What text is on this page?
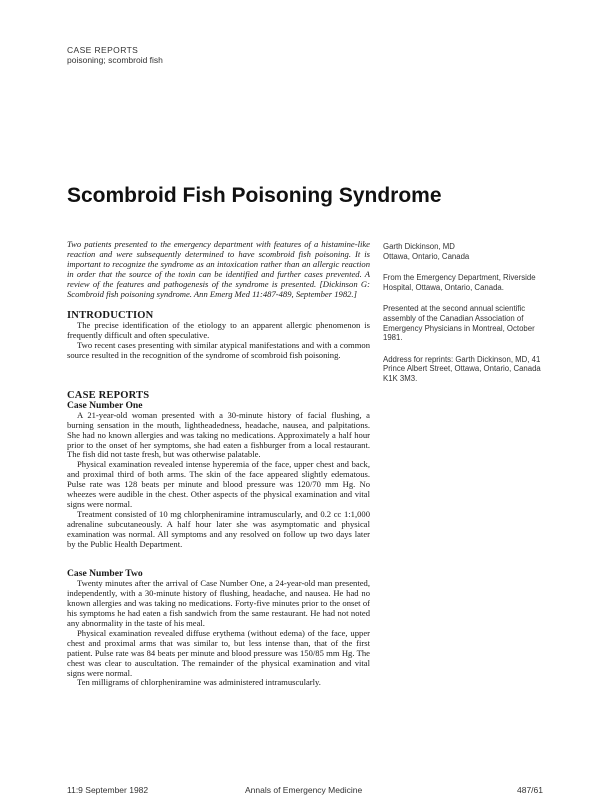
CASE REPORTS
poisoning; scombroid fish
Scombroid Fish Poisoning Syndrome

Two patients presented to the emergency department with features of a histamine-like reaction and were subsequently determined to have scombroid fish poisoning. It is important to recognize the syndrome as an intoxication rather than an allergic reaction in order that the source of the toxin can be identified and further cases prevented. A review of the features and pathogenesis of the syndrome is presented. [Dickinson G: Scombroid fish poisoning syndrome. Ann Emerg Med 11:487-489, September 1982.]

INTRODUCTION

The precise identification of the etiology to an apparent allergic phenomenon is frequently difficult and often speculative.

Two recent cases presenting with similar atypical manifestations and with a common source resulted in the recognition of the syndrome of scombroid fish poisoning.

CASE REPORTS
Case Number One

A 21-year-old woman presented with a 30-minute history of facial flushing, a burning sensation in the mouth, lightheadedness, headache, nausea, and palpitations. She had no known allergies and was taking no medications. Approximately a half hour prior to the onset of her symptoms, she had eaten a fishburger from a local restaurant. The fish did not taste fresh, but was otherwise palatable.

Physical examination revealed intense hyperemia of the face, upper chest and back, and proximal third of both arms. The skin of the face appeared slightly edematous. Pulse rate was 128 beats per minute and blood pressure was 120/70 mm Hg. No wheezes were audible in the chest. Other aspects of the physical examination and vital signs were normal.

Treatment consisted of 10 mg chlorpheniramine intramuscularly, and 0.2 cc 1:1,000 adrenaline subcutaneously. A half hour later she was asymptomatic and physical examination was normal. All symptoms and any resolved on follow up two days later by the Public Health Department.

Case Number Two

Twenty minutes after the arrival of Case Number One, a 24-year-old man presented, independently, with a 30-minute history of flushing, headache, and nausea. He had no known allergies and was taking no medications. Forty-five minutes prior to the onset of his symptoms he had eaten a fish sandwich from the same restaurant. He had not noted any abnormality in the taste of his meal.

Physical examination revealed diffuse erythema (without edema) of the face, upper chest and proximal arms that was similar to, but less intense than, that of the first patient. Pulse rate was 84 beats per minute and blood pressure was 150/85 mm Hg. The chest was clear to auscultation. The remainder of the physical examination and vital signs were normal.

Ten milligrams of chlorpheniramine was administered intramuscularly.

Garth Dickinson, MD

Ottawa, Ontario, Canada

From the Emergency Department, Riverside Hospital, Ottawa, Ontario, Canada.

Presented at the second annual scientific assembly of the Canadian Association of Emergency Physicians in Montreal, October 1981.

Address for reprints: Garth Dickinson, MD, 41 Prince Albert Street, Ottawa, Ontario, Canada K1K 3M3.

11:9 September 1982	Annals of Emergency Medicine	487/61
